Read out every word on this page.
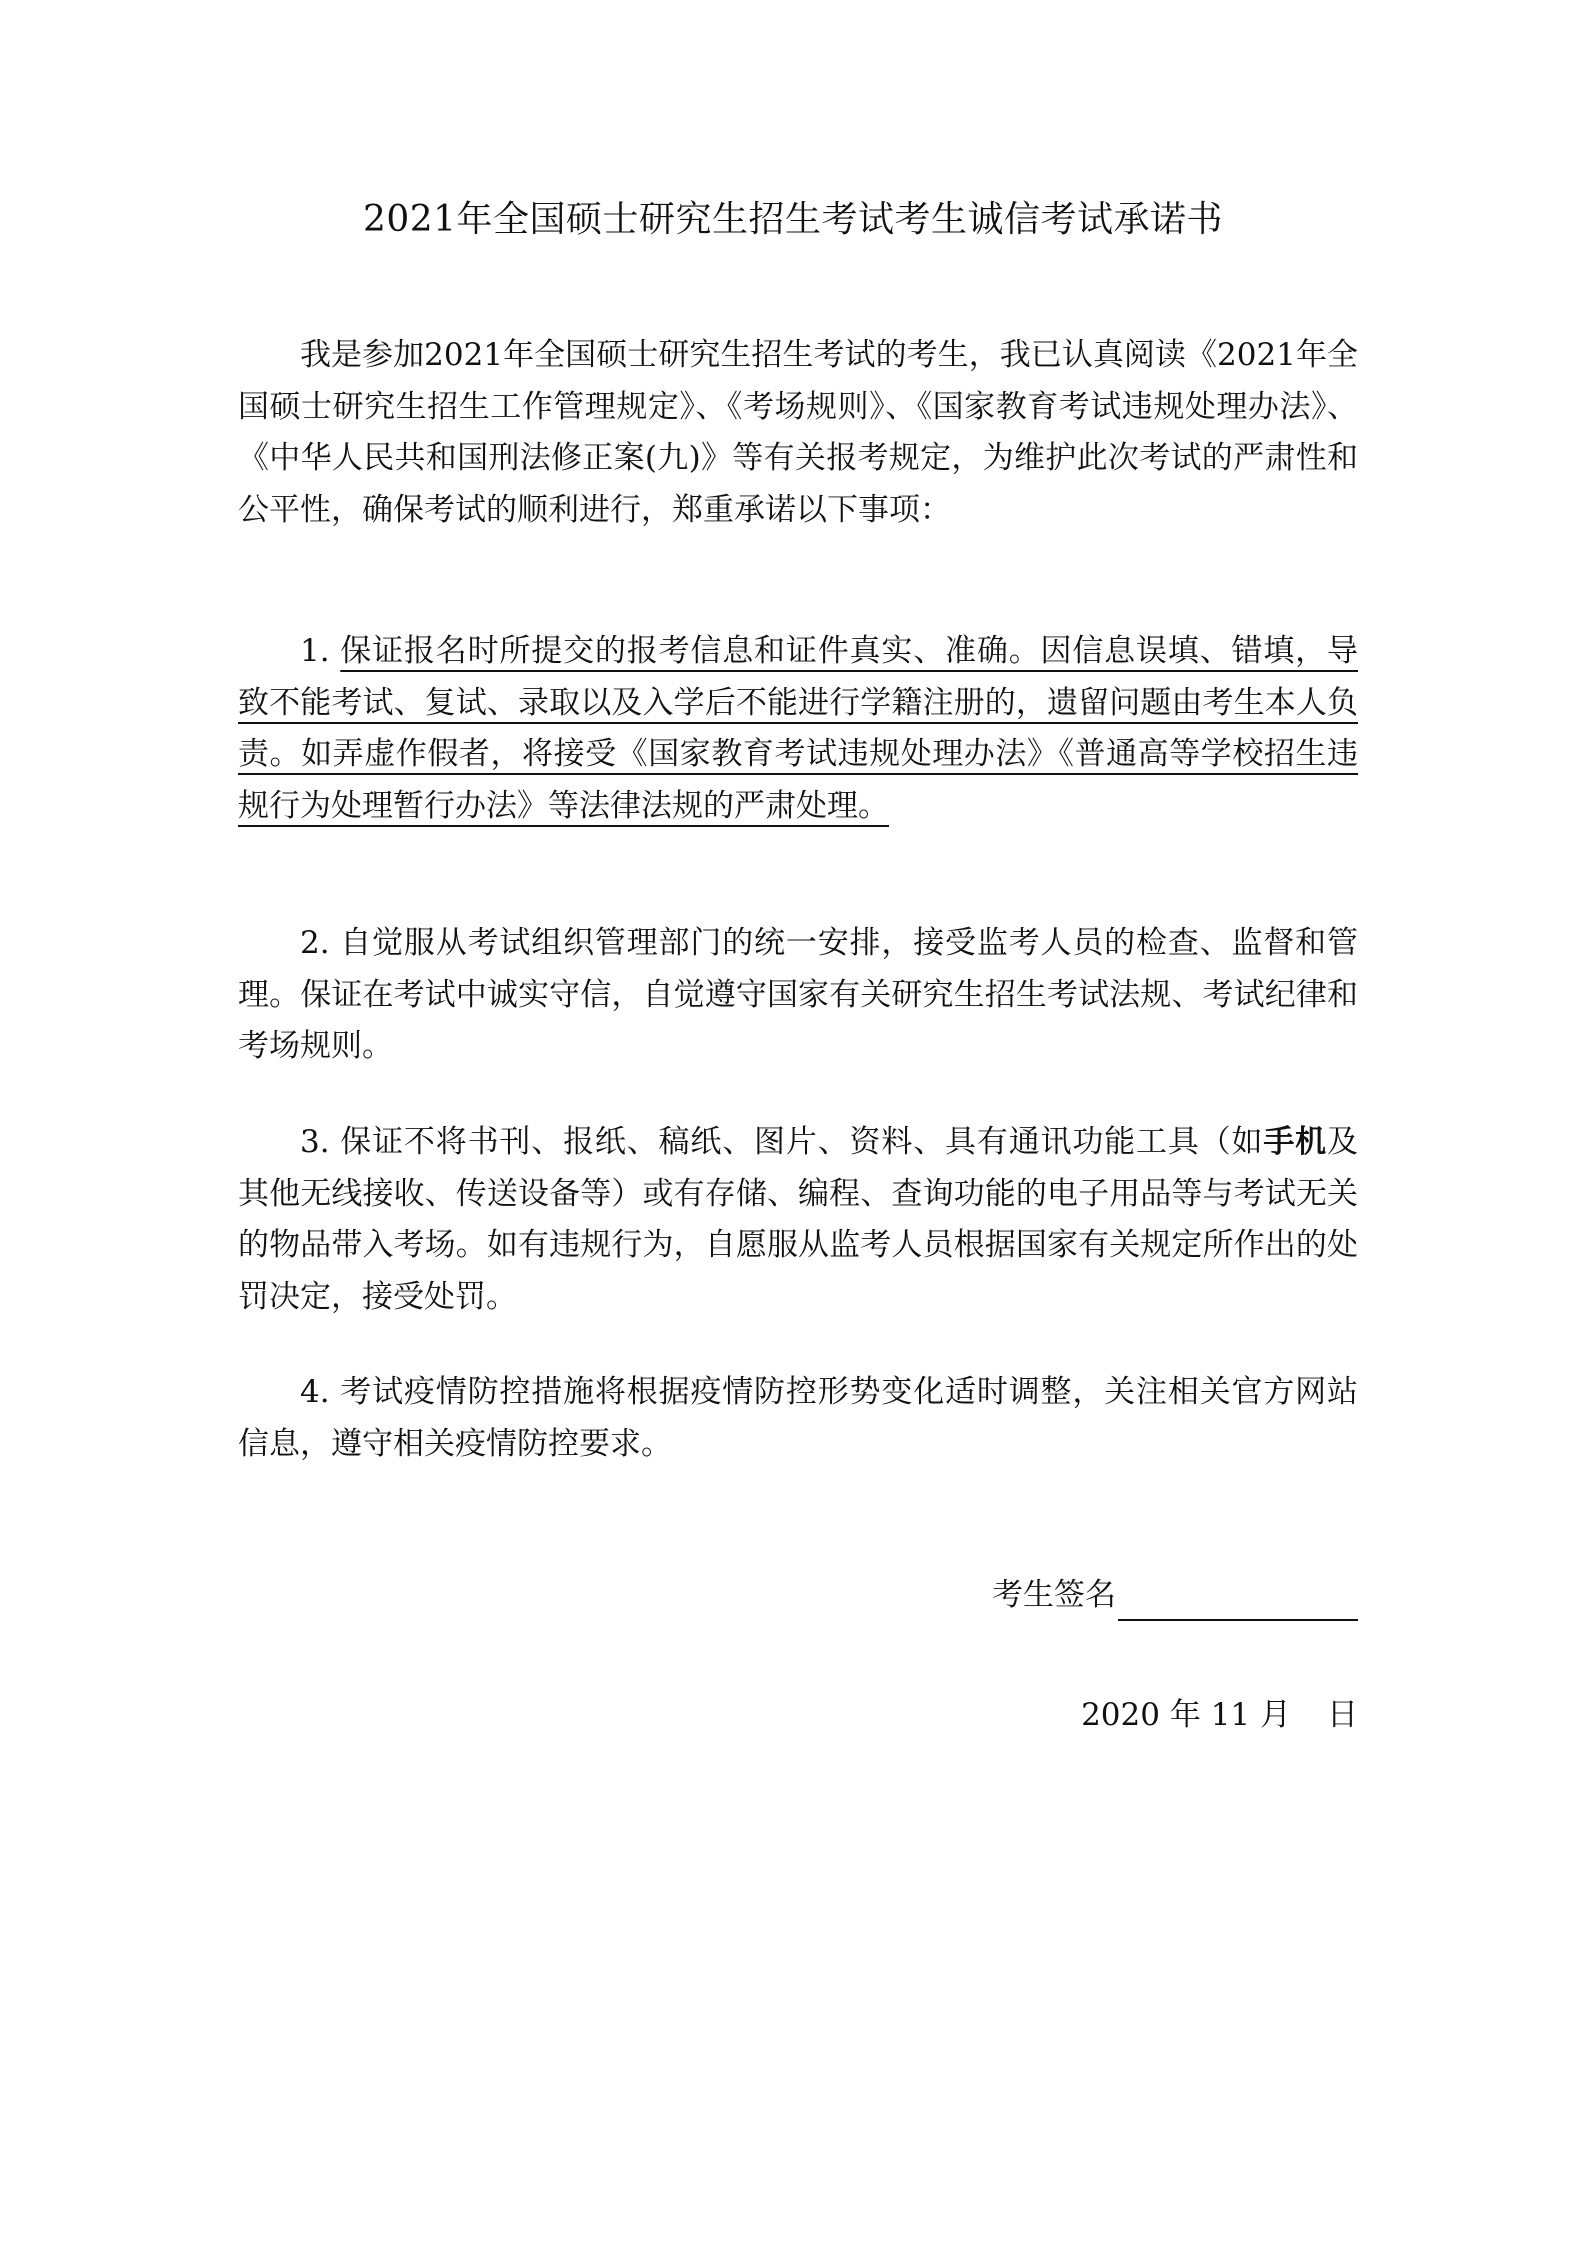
2021年全国硕士研究生招生考试考生诚信考试承诺书
我是参加2021年全国硕士研究生招生考试的考生，我已认真阅读《2021年全国硕士研究生招生工作管理规定》、《考场规则》、《国家教育考试违规处理办法》、《中华人民共和国刑法修正案(九)》等有关报考规定，为维护此次考试的严肃性和公平性，确保考试的顺利进行，郑重承诺以下事项：
1. 保证报名时所提交的报考信息和证件真实、准确。因信息误填、错填，导致不能考试、复试、录取以及入学后不能进行学籍注册的，遗留问题由考生本人负责。如弄虚作假者，将接受《国家教育考试违规处理办法》《普通高等学校招生违规行为处理暂行办法》等法律法规的严肃处理。
2. 自觉服从考试组织管理部门的统一安排，接受监考人员的检查、监督和管理。保证在考试中诚实守信，自觉遵守国家有关研究生招生考试法规、考试纪律和考场规则。
3. 保证不将书刊、报纸、稿纸、图片、资料、具有通讯功能工具（如手机及其他无线接收、传送设备等）或有存储、编程、查询功能的电子用品等与考试无关的物品带入考场。如有违规行为，自愿服从监考人员根据国家有关规定所作出的处罚决定，接受处罚。
4. 考试疫情防控措施将根据疫情防控形势变化适时调整，关注相关官方网站信息，遵守相关疫情防控要求。
考生签名
2020 年 11 月 日
